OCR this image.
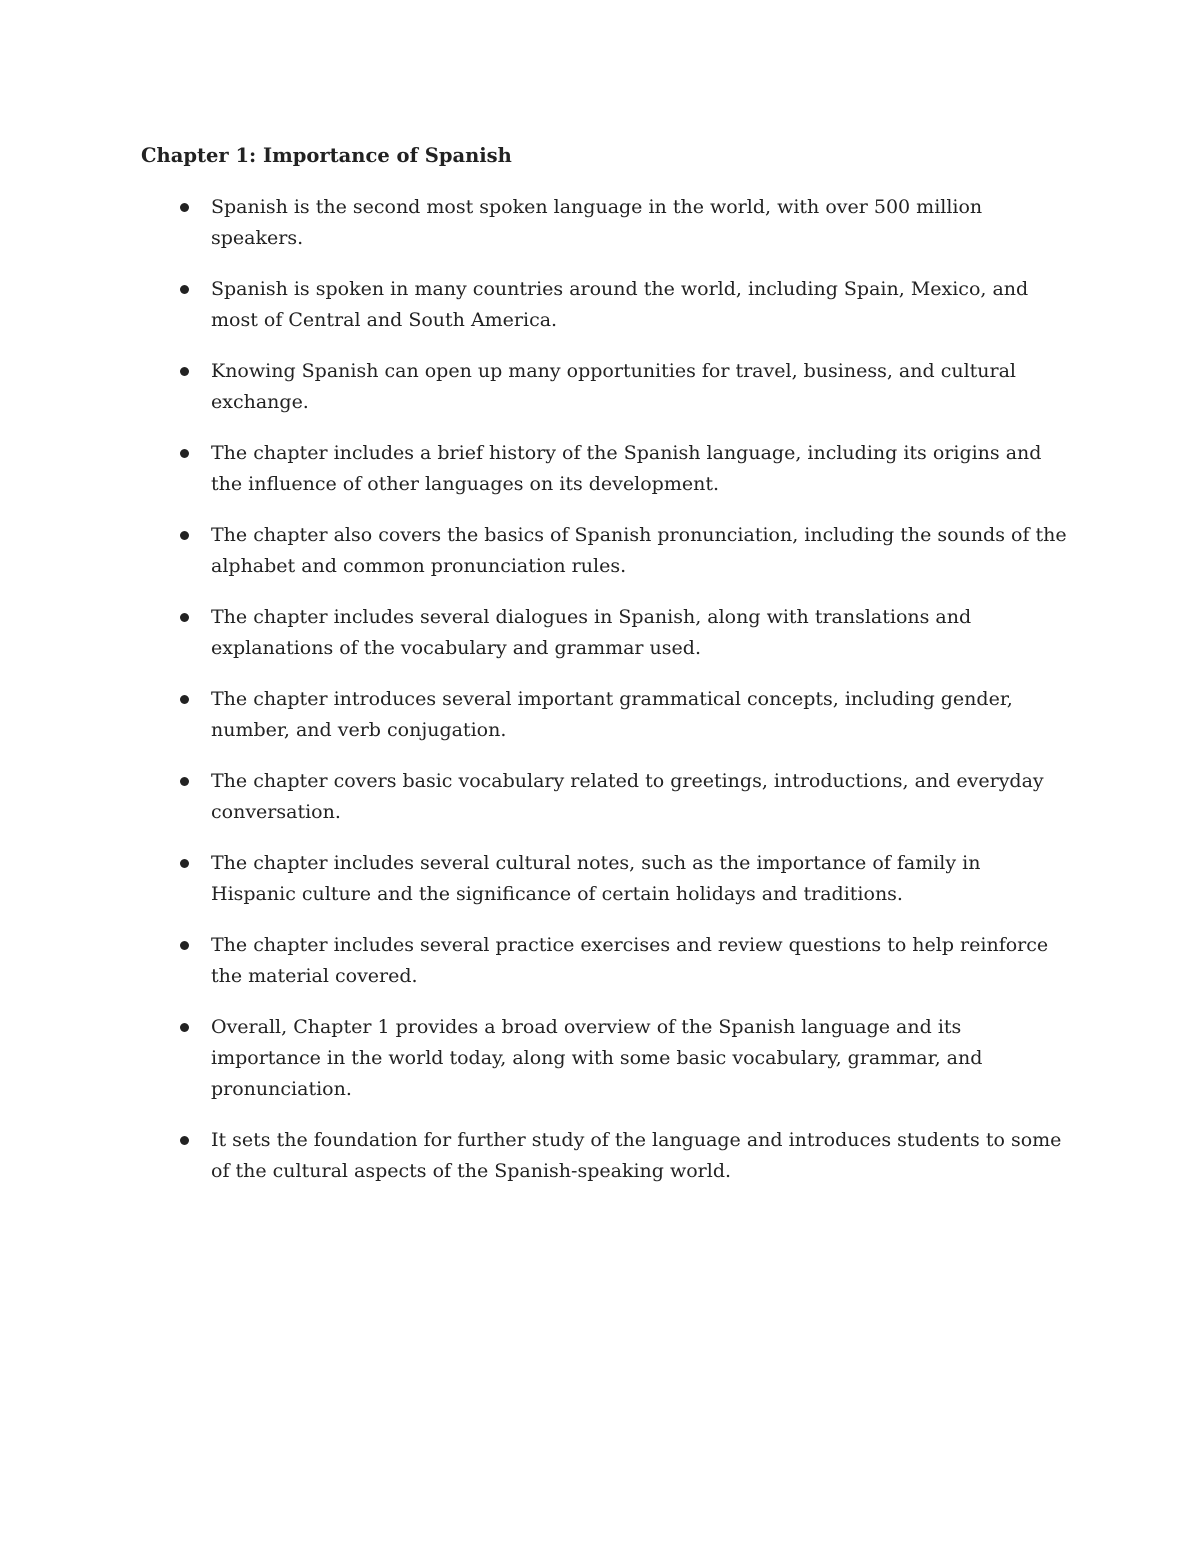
Chapter 1: Importance of Spanish
Spanish is the second most spoken language in the world, with over 500 million speakers.
Spanish is spoken in many countries around the world, including Spain, Mexico, and most of Central and South America.
Knowing Spanish can open up many opportunities for travel, business, and cultural exchange.
The chapter includes a brief history of the Spanish language, including its origins and the influence of other languages on its development.
The chapter also covers the basics of Spanish pronunciation, including the sounds of the alphabet and common pronunciation rules.
The chapter includes several dialogues in Spanish, along with translations and explanations of the vocabulary and grammar used.
The chapter introduces several important grammatical concepts, including gender, number, and verb conjugation.
The chapter covers basic vocabulary related to greetings, introductions, and everyday conversation.
The chapter includes several cultural notes, such as the importance of family in Hispanic culture and the significance of certain holidays and traditions.
The chapter includes several practice exercises and review questions to help reinforce the material covered.
Overall, Chapter 1 provides a broad overview of the Spanish language and its importance in the world today, along with some basic vocabulary, grammar, and pronunciation.
It sets the foundation for further study of the language and introduces students to some of the cultural aspects of the Spanish-speaking world.
